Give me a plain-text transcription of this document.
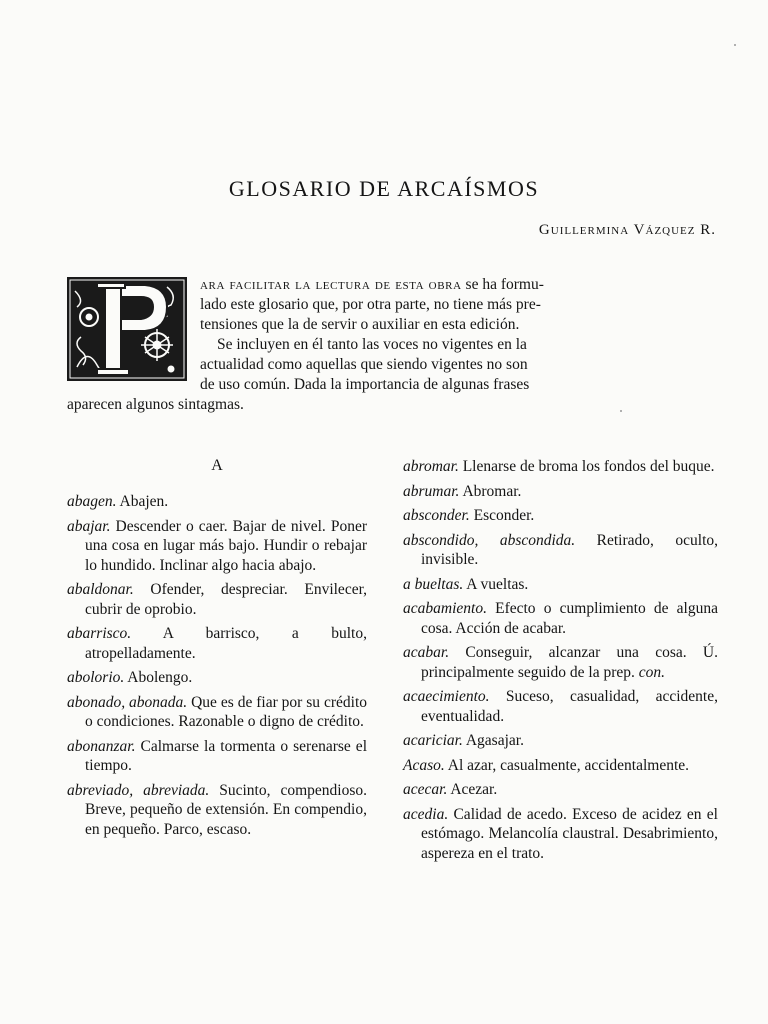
GLOSARIO DE ARCAÍSMOS
Guillermina Vázquez R.
ara facilitar la lectura de esta obra se ha formu-
lado este glosario que, por otra parte, no tiene más pre-
tensiones que la de servir o auxiliar en esta edición.
Se incluyen en él tanto las voces no vigentes en la
actualidad como aquellas que siendo vigentes no son
de uso común. Dada la importancia de algunas frases
aparecen algunos sintagmas.
A
abagen. Abajen.
abajar. Descender o caer. Bajar de nivel. Poner una cosa en lugar más bajo. Hundir o rebajar lo hundido. Inclinar algo hacia abajo.
abaldonar. Ofender, despreciar. Envilecer, cubrir de oprobio.
abarrisco. A barrisco, a bulto, atropelladamente.
abolorio. Abolengo.
abonado, abonada. Que es de fiar por su crédito o condiciones. Razonable o digno de crédito.
abonanzar. Calmarse la tormenta o serenarse el tiempo.
abreviado, abreviada. Sucinto, compendioso. Breve, pequeño de extensión. En compendio, en pequeño. Parco, escaso.
abromar. Llenarse de broma los fondos del buque.
abrumar. Abromar.
absconder. Esconder.
abscondido, abscondida. Retirado, oculto, invisible.
a bueltas. A vueltas.
acabamiento. Efecto o cumplimiento de alguna cosa. Acción de acabar.
acabar. Conseguir, alcanzar una cosa. Ú. principalmente seguido de la prep. con.
acaecimiento. Suceso, casualidad, accidente, eventualidad.
acariciar. Agasajar.
Acaso. Al azar, casualmente, accidentalmente.
acecar. Acezar.
acedia. Calidad de acedo. Exceso de acidez en el estómago. Melancolía claustral. Desabrimiento, aspereza en el trato.
